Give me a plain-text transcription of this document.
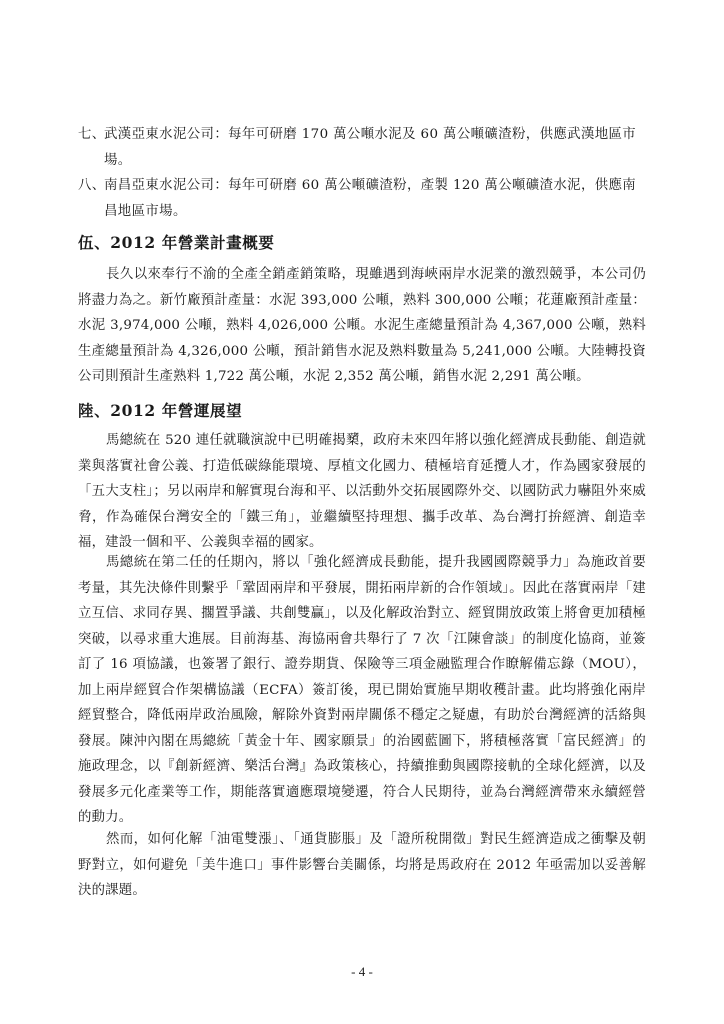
七、
武漢亞東水泥公司：每年可研磨 170 萬公噸水泥及 60 萬公噸礦渣粉，供應武漢地區市場。
八、
南昌亞東水泥公司：每年可研磨 60 萬公噸礦渣粉，產製 120 萬公噸礦渣水泥，供應南昌地區市場。
伍、2012 年營業計畫概要
長久以來奉行不渝的全產全銷產銷策略，現雖遇到海峽兩岸水泥業的激烈競爭，本公司仍將盡力為之。新竹廠預計產量：水泥 393,000 公噸，熟料 300,000 公噸；花蓮廠預計產量：水泥 3,974,000 公噸，熟料 4,026,000 公噸。水泥生產總量預計為 4,367,000 公噸，熟料生產總量預計為 4,326,000 公噸，預計銷售水泥及熟料數量為 5,241,000 公噸。大陸轉投資公司則預計生產熟料 1,722 萬公噸，水泥 2,352 萬公噸，銷售水泥 2,291 萬公噸。
陸、2012 年營運展望
馬總統在 520 連任就職演說中已明確揭櫫，政府未來四年將以強化經濟成長動能、創造就業與落實社會公義、打造低碳綠能環境、厚植文化國力、積極培育延攬人才，作為國家發展的「五大支柱」；另以兩岸和解實現台海和平、以活動外交拓展國際外交、以國防武力嚇阻外來威脅，作為確保台灣安全的「鐵三角」，並繼續堅持理想、攜手改革、為台灣打拚經濟、創造幸福，建設一個和平、公義與幸福的國家。
馬總統在第二任的任期內，將以「強化經濟成長動能，提升我國國際競爭力」為施政首要考量，其先決條件則繫乎「鞏固兩岸和平發展，開拓兩岸新的合作領域」。因此在落實兩岸「建立互信、求同存異、擱置爭議、共創雙贏」，以及化解政治對立、經貿開放政策上將會更加積極突破，以尋求重大進展。目前海基、海協兩會共舉行了 7 次「江陳會談」的制度化協商，並簽訂了 16 項協議，也簽署了銀行、證券期貨、保險等三項金融監理合作瞭解備忘錄（MOU），加上兩岸經貿合作架構協議（ECFA）簽訂後，現已開始實施早期收穫計畫。此均將強化兩岸經貿整合，降低兩岸政治風險，解除外資對兩岸關係不穩定之疑慮，有助於台灣經濟的活絡與發展。陳沖內閣在馬總統「黃金十年、國家願景」的治國藍圖下，將積極落實「富民經濟」的施政理念，以『創新經濟、樂活台灣』為政策核心，持續推動與國際接軌的全球化經濟，以及發展多元化產業等工作，期能落實適應環境變遷，符合人民期待，並為台灣經濟帶來永續經營的動力。
然而，如何化解「油電雙漲」、「通貨膨脹」及「證所稅開徵」對民生經濟造成之衝擊及朝野對立，如何避免「美牛進口」事件影響台美關係，均將是馬政府在 2012 年亟需加以妥善解決的課題。
- 4 -
